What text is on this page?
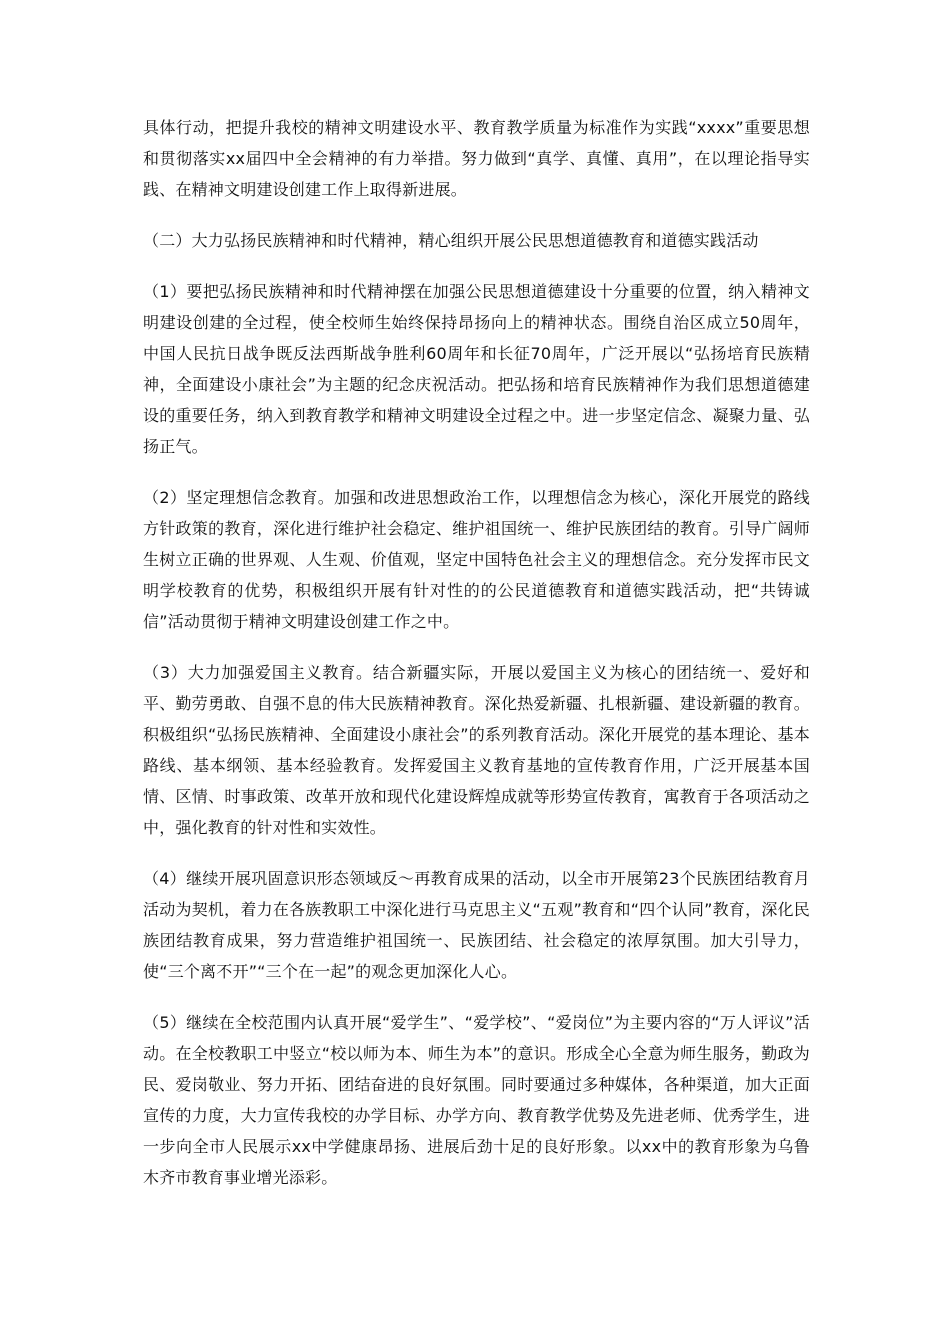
具体行动，把提升我校的精神文明建设水平、教育教学质量为标准作为实践“xxxx”重要思想和贯彻落实xx届四中全会精神的有力举措。努力做到“真学、真懂、真用”，在以理论指导实践、在精神文明建设创建工作上取得新进展。

（二）大力弘扬民族精神和时代精神，精心组织开展公民思想道德教育和道德实践活动

（1）要把弘扬民族精神和时代精神摆在加强公民思想道德建设十分重要的位置，纳入精神文明建设创建的全过程，使全校师生始终保持昂扬向上的精神状态。围绕自治区成立50周年，中国人民抗日战争既反法西斯战争胜利60周年和长征70周年，广泛开展以“弘扬培育民族精神，全面建设小康社会”为主题的纪念庆祝活动。把弘扬和培育民族精神作为我们思想道德建设的重要任务，纳入到教育教学和精神文明建设全过程之中。进一步坚定信念、凝聚力量、弘扬正气。

（2）坚定理想信念教育。加强和改进思想政治工作，以理想信念为核心，深化开展党的路线方针政策的教育，深化进行维护社会稳定、维护祖国统一、维护民族团结的教育。引导广阔师生树立正确的世界观、人生观、价值观，坚定中国特色社会主义的理想信念。充分发挥市民文明学校教育的优势，积极组织开展有针对性的的公民道德教育和道德实践活动，把“共铸诚信”活动贯彻于精神文明建设创建工作之中。

（3）大力加强爱国主义教育。结合新疆实际，开展以爱国主义为核心的团结统一、爱好和平、勤劳勇敢、自强不息的伟大民族精神教育。深化热爱新疆、扎根新疆、建设新疆的教育。积极组织“弘扬民族精神、全面建设小康社会”的系列教育活动。深化开展党的基本理论、基本路线、基本纲领、基本经验教育。发挥爱国主义教育基地的宣传教育作用，广泛开展基本国情、区情、时事政策、改革开放和现代化建设辉煌成就等形势宣传教育，寓教育于各项活动之中，强化教育的针对性和实效性。

（4）继续开展巩固意识形态领域反～再教育成果的活动，以全市开展第23个民族团结教育月活动为契机，着力在各族教职工中深化进行马克思主义“五观”教育和“四个认同”教育，深化民族团结教育成果，努力营造维护祖国统一、民族团结、社会稳定的浓厚氛围。加大引导力，使“三个离不开”“三个在一起”的观念更加深化人心。

（5）继续在全校范围内认真开展“爱学生”、“爱学校”、“爱岗位”为主要内容的“万人评议”活动。在全校教职工中竖立“校以师为本、师生为本”的意识。形成全心全意为师生服务，勤政为民、爱岗敬业、努力开拓、团结奋进的良好氛围。同时要通过多种媒体，各种渠道，加大正面宣传的力度，大力宣传我校的办学目标、办学方向、教育教学优势及先进老师、优秀学生，进一步向全市人民展示xx中学健康昂扬、进展后劲十足的良好形象。以xx中的教育形象为乌鲁木齐市教育事业增光添彩。
